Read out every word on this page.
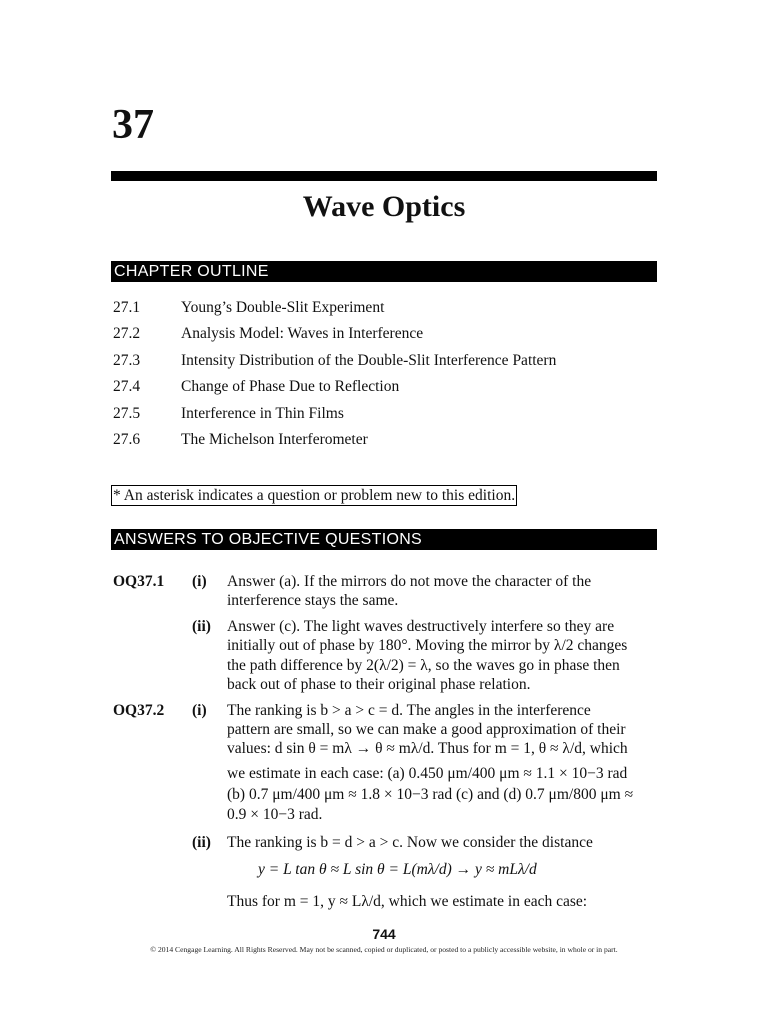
37
Wave Optics
CHAPTER OUTLINE
27.1	Young’s Double-Slit Experiment
27.2	Analysis Model: Waves in Interference
27.3	Intensity Distribution of the Double-Slit Interference Pattern
27.4	Change of Phase Due to Reflection
27.5	Interference in Thin Films
27.6	The Michelson Interferometer
* An asterisk indicates a question or problem new to this edition.
ANSWERS TO OBJECTIVE QUESTIONS
OQ37.1 (i) Answer (a). If the mirrors do not move the character of the
interference stays the same.
(ii) Answer (c). The light waves destructively interfere so they are
initially out of phase by 180°. Moving the mirror by λ/2 changes
the path difference by 2(λ/2) = λ, so the waves go in phase then
back out of phase to their original phase relation.
OQ37.2 (i) The ranking is b > a > c = d. The angles in the interference
pattern are small, so we can make a good approximation of their
values: d sin θ = mλ → θ ≈ mλ/d. Thus for m = 1, θ ≈ λ/d, which
we estimate in each case: (a) 0.450 μm/400 μm ≈ 1.1 × 10−3 rad
(b) 0.7 μm/400 μm ≈ 1.8 × 10−3 rad (c) and (d) 0.7 μm/800 μm ≈
0.9 × 10−3 rad.
(ii) The ranking is b = d > a > c. Now we consider the distance
y = L tan θ ≈ L sin θ = L(mλ/d) → y ≈ mLλ/d
Thus for m = 1, y ≈ Lλ/d, which we estimate in each case:
744
© 2014 Cengage Learning. All Rights Reserved. May not be scanned, copied or duplicated, or posted to a publicly accessible website, in whole or in part.
